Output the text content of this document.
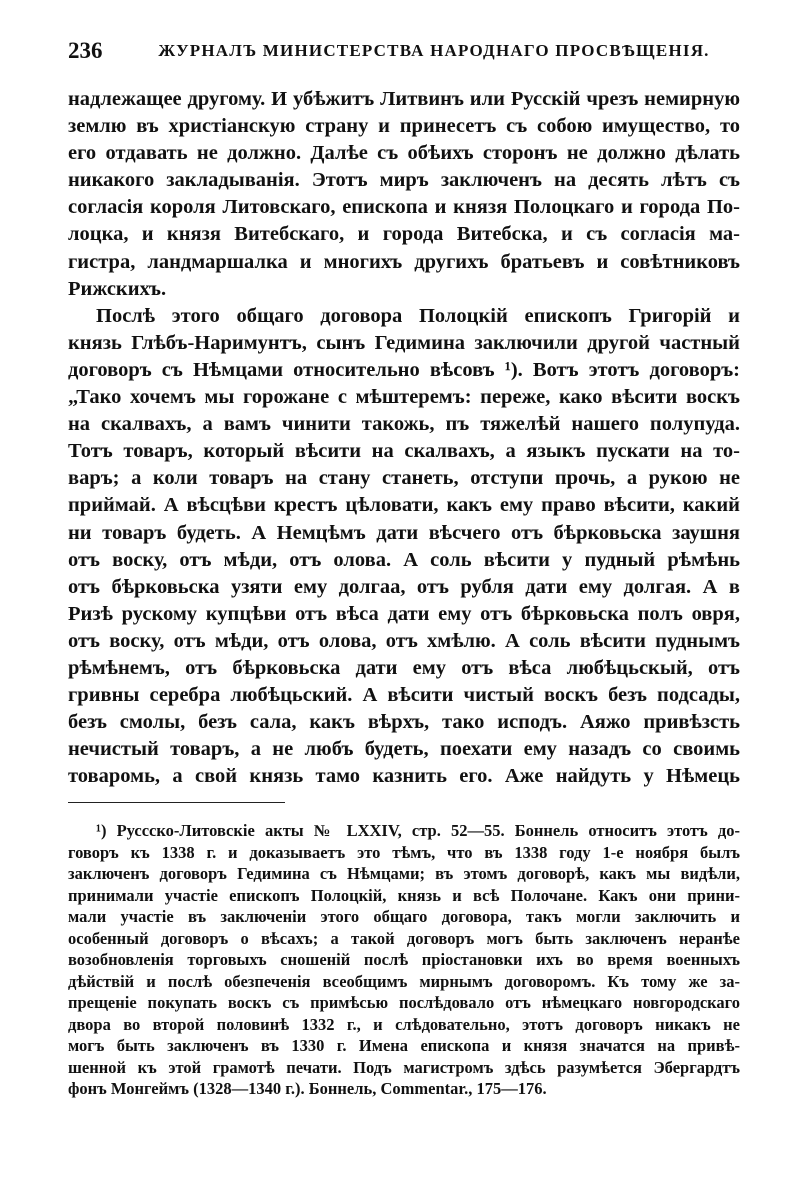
236	ЖУРНАЛЪ МИНИСТЕРСТВА НАРОДНАГО ПРОСВѢЩЕНІЯ.
надлежащее другому. И убѣжитъ Литвинъ или Русскій чрезъ немирную
землю въ христіанскую страну и принесетъ съ собою имущество, то
его отдавать не должно. Далѣе съ обѣихъ сторонъ не должно дѣлать
никакого закладыванія. Этотъ миръ заключенъ на десять лѣтъ съ
согласія короля Литовскаго, епископа и князя Полоцкаго и города По-
лоцка, и князя Витебскаго, и города Витебска, и съ согласія ма-
гистра, ландмаршалка и многихъ другихъ братьевъ и совѣтниковъ
Рижскихъ.
Послѣ этого общаго договора Полоцкій епископъ Григорій и
князь Глѣбъ-Наримунтъ, сынъ Гедимина заключили другой частный
договоръ съ Нѣмцами относительно вѣсовъ ¹). Вотъ этотъ договоръ:
„Тако хочемъ мы горожане с мѣштеремъ: переже, како вѣсити воскъ
на скалвахъ, а вамъ чинити такожь, пъ тяжелѣй нашего полупуда.
Тотъ товаръ, который вѣсити на скалвахъ, а языкъ пускати на то-
варъ; а коли товаръ на стану станеть, отступи прочь, а рукою не
приймай. А вѣсцѣви крестъ цѣловати, какъ ему право вѣсити, какий
ни товаръ будеть. А Немцѣмъ дати вѣсчего отъ бѣрковьска заушня
отъ воску, отъ мѣди, отъ олова. А соль вѣсити у пудный рѣмѣнь
отъ бѣрковьска узяти ему долгаа, отъ рубля дати ему долгая. А в
Ризѣ рускому купцѣви отъ вѣса дати ему отъ бѣрковьска полъ овря,
отъ воску, отъ мѣди, отъ олова, отъ хмѣлю. А соль вѣсити пуднымъ
рѣмѣнемъ, отъ бѣрковьска дати ему отъ вѣса любѣцьскый, отъ
гривны серебра любѣцьский. А вѣсити чистый воскъ безъ подсады,
безъ смолы, безъ сала, какъ вѣрхъ, тако исподъ. Аяжо привѣзсть
нечистый товаръ, а не любъ будеть, поехати ему назадъ со своимь
товаромь, а свой князь тамо казнить его. Аже найдуть у Нѣмець
¹) Руссско-Литовскіе акты № LXXIV, стр. 52—55. Боннель относитъ этотъ до-
говоръ къ 1338 г. и доказываетъ это тѣмъ, что въ 1338 году 1-е ноября былъ
заключенъ договоръ Гедимина съ Нѣмцами; въ этомъ договорѣ, какъ мы видѣли,
принимали участіе епископъ Полоцкій, князь и всѣ Полочане. Какъ они прини-
мали участіе въ заключеніи этого общаго договора, такъ могли заключить и
особенный договоръ о вѣсахъ; а такой договоръ могъ быть заключенъ неранѣе
возобновленія торговыхъ сношеній послѣ пріостановки ихъ во время военныхъ
дѣйствій и послѣ обезпеченія всеобщимъ мирнымъ договоромъ. Къ тому же за-
прещеніе покупать воскъ съ примѣсью послѣдовало отъ нѣмецкаго новгородскаго
двора во второй половинѣ 1332 г., и слѣдовательно, этотъ договоръ никакъ не
могъ быть заключенъ въ 1330 г. Имена епископа и князя значатся на привѣ-
шенной къ этой грамотѣ печати. Подъ магистромъ здѣсь разумѣется Эбергардтъ
фонъ Монгеймъ (1328—1340 г.). Боннель, Commentar., 175—176.
